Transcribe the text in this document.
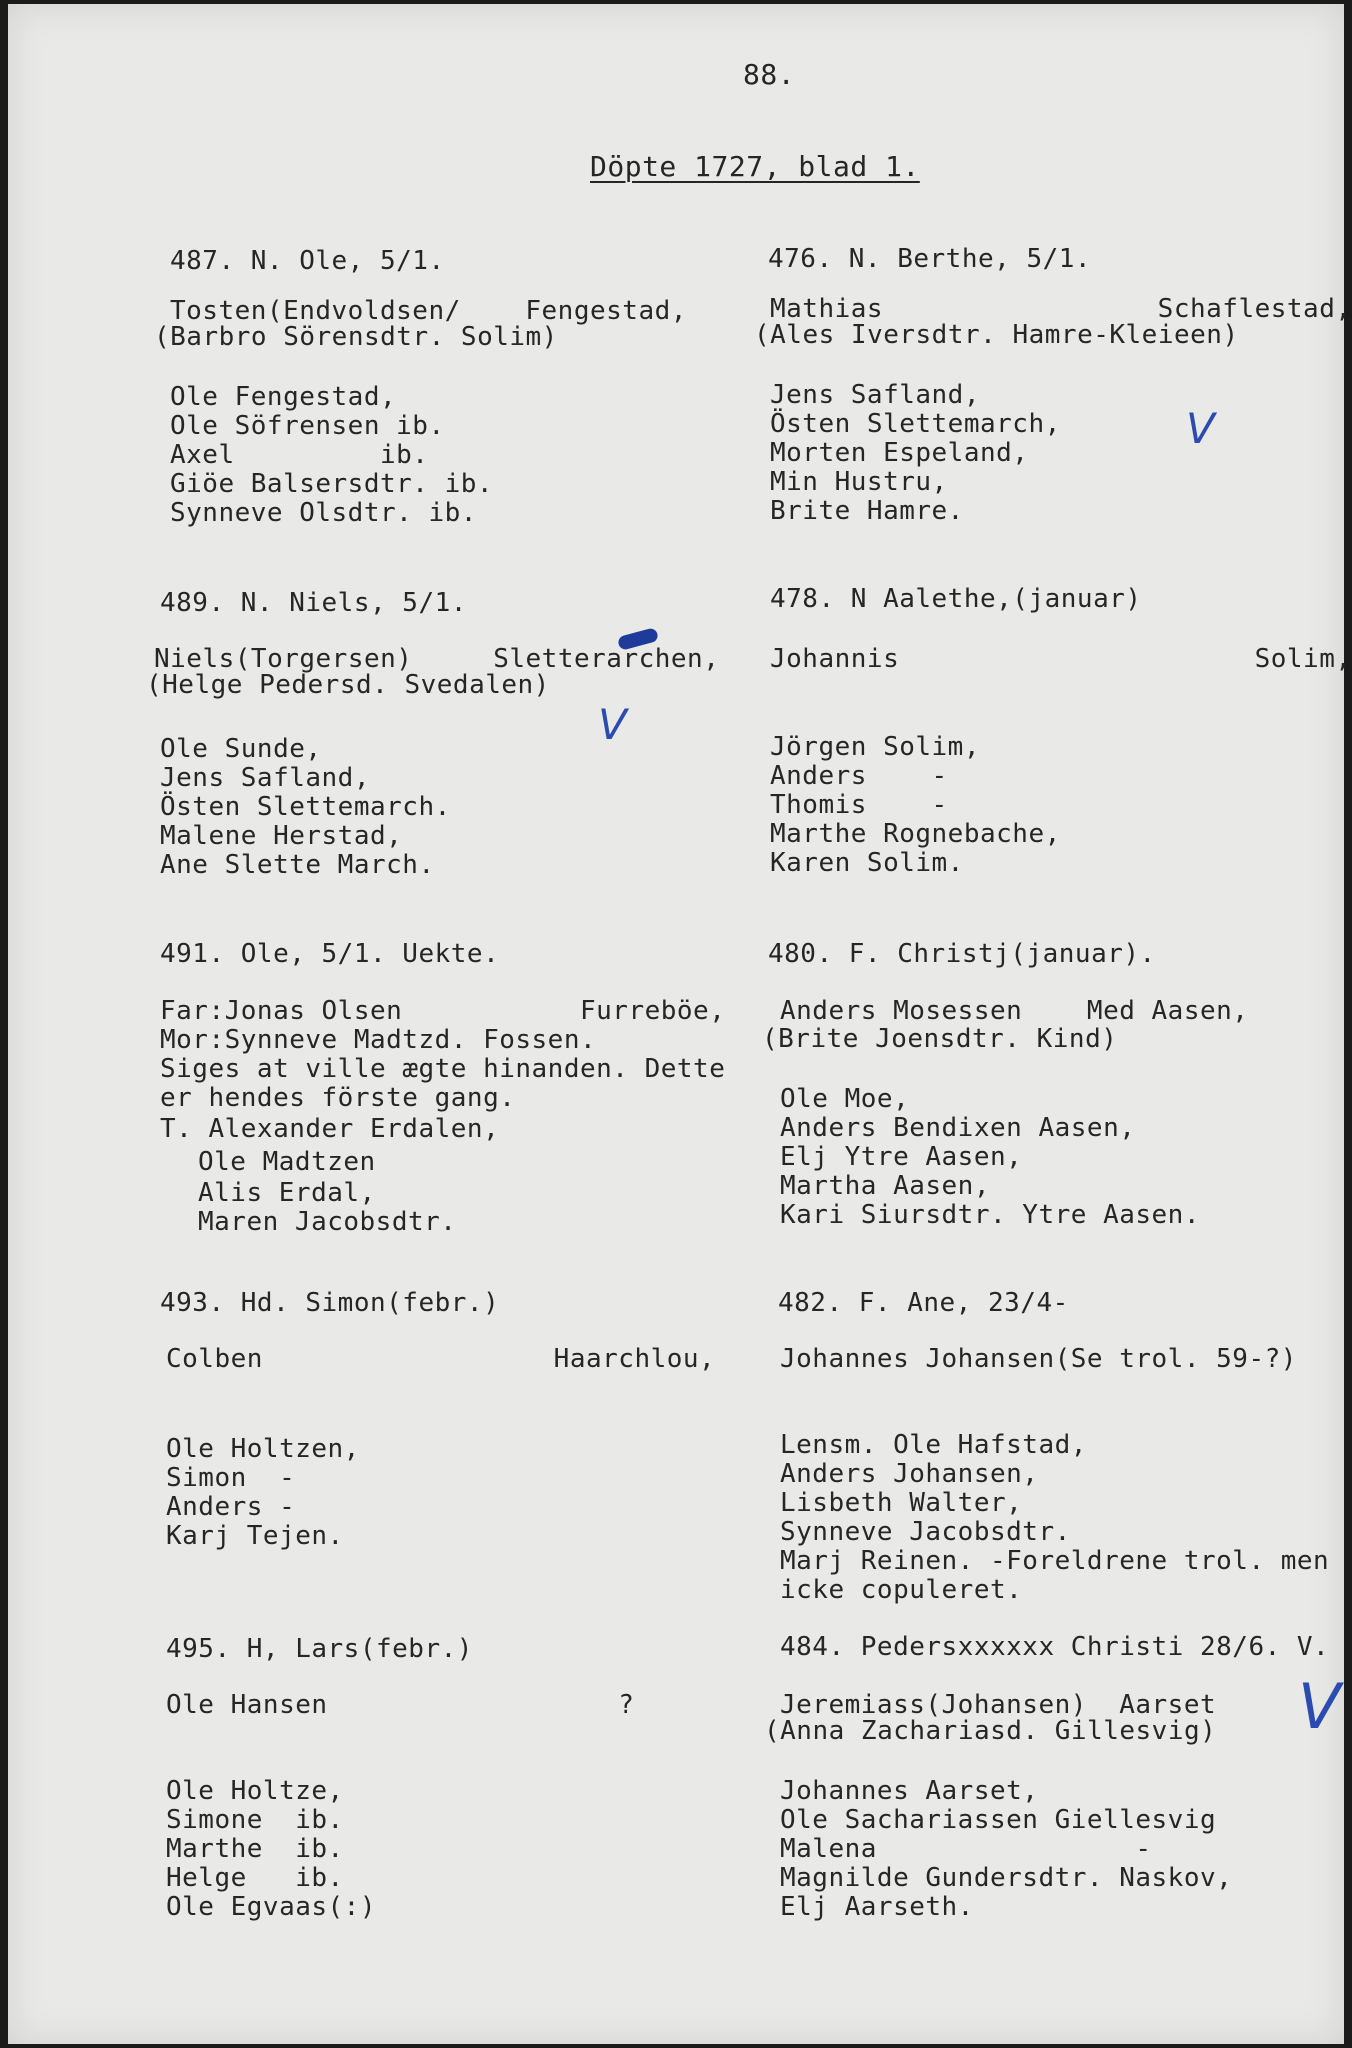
88.
Döpte 1727, blad 1.
487. N. Ole, 5/1.
Tosten(Endvoldsen/    Fengestad,
(Barbro Sörensdtr. Solim)
Ole Fengestad,
Ole Söfrensen ib.
Axel         ib.
Giöe Balsersdtr. ib.
Synneve Olsdtr. ib.
476. N. Berthe, 5/1.
Mathias                 Schaflestad,
(Ales Iversdtr. Hamre-Kleieen)
Jens Safland,
Östen Slettemarch,
Morten Espeland,
Min Hustru,
Brite Hamre.
V
489. N. Niels, 5/1.
Niels(Torgersen)     Sletterarchen,
(Helge Pedersd. Svedalen)
V
Ole Sunde,
Jens Safland,
Östen Slettemarch.
Malene Herstad,
Ane Slette March.
478. N Aalethe,(januar)
Johannis                      Solim,
Jörgen Solim,
Anders    -
Thomis    -
Marthe Rognebache,
Karen Solim.
491. Ole, 5/1. Uekte.
Far:Jonas Olsen           Furreböe,
Mor:Synneve Madtzd. Fossen.
Siges at ville ægte hinanden. Dette
er hendes förste gang.
T. Alexander Erdalen,
Ole Madtzen
Alis Erdal,
Maren Jacobsdtr.
480. F. Christj(januar).
Anders Mosessen    Med Aasen,
(Brite Joensdtr. Kind)
Ole Moe,
Anders Bendixen Aasen,
Elj Ytre Aasen,
Martha Aasen,
Kari Siursdtr. Ytre Aasen.
493. Hd. Simon(febr.)
Colben                  Haarchlou,
Ole Holtzen,
Simon  -
Anders -
Karj Tejen.
482. F. Ane, 23/4-
Johannes Johansen(Se trol. 59-?)
Lensm. Ole Hafstad,
Anders Johansen,
Lisbeth Walter,
Synneve Jacobsdtr.
Marj Reinen. -Foreldrene trol. men
icke copuleret.
495. H, Lars(febr.)
Ole Hansen                  ?
Ole Holtze,
Simone  ib.
Marthe  ib.
Helge   ib.
Ole Egvaas(:)
484. Pedersxxxxxx Christi 28/6. V.
Jeremiass(Johansen)  Aarset
(Anna Zachariasd. Gillesvig) V
Johannes Aarset,
Ole Sachariassen Giellesvig
Malena                -
Magnilde Gundersdtr. Naskov,
Elj Aarseth.
